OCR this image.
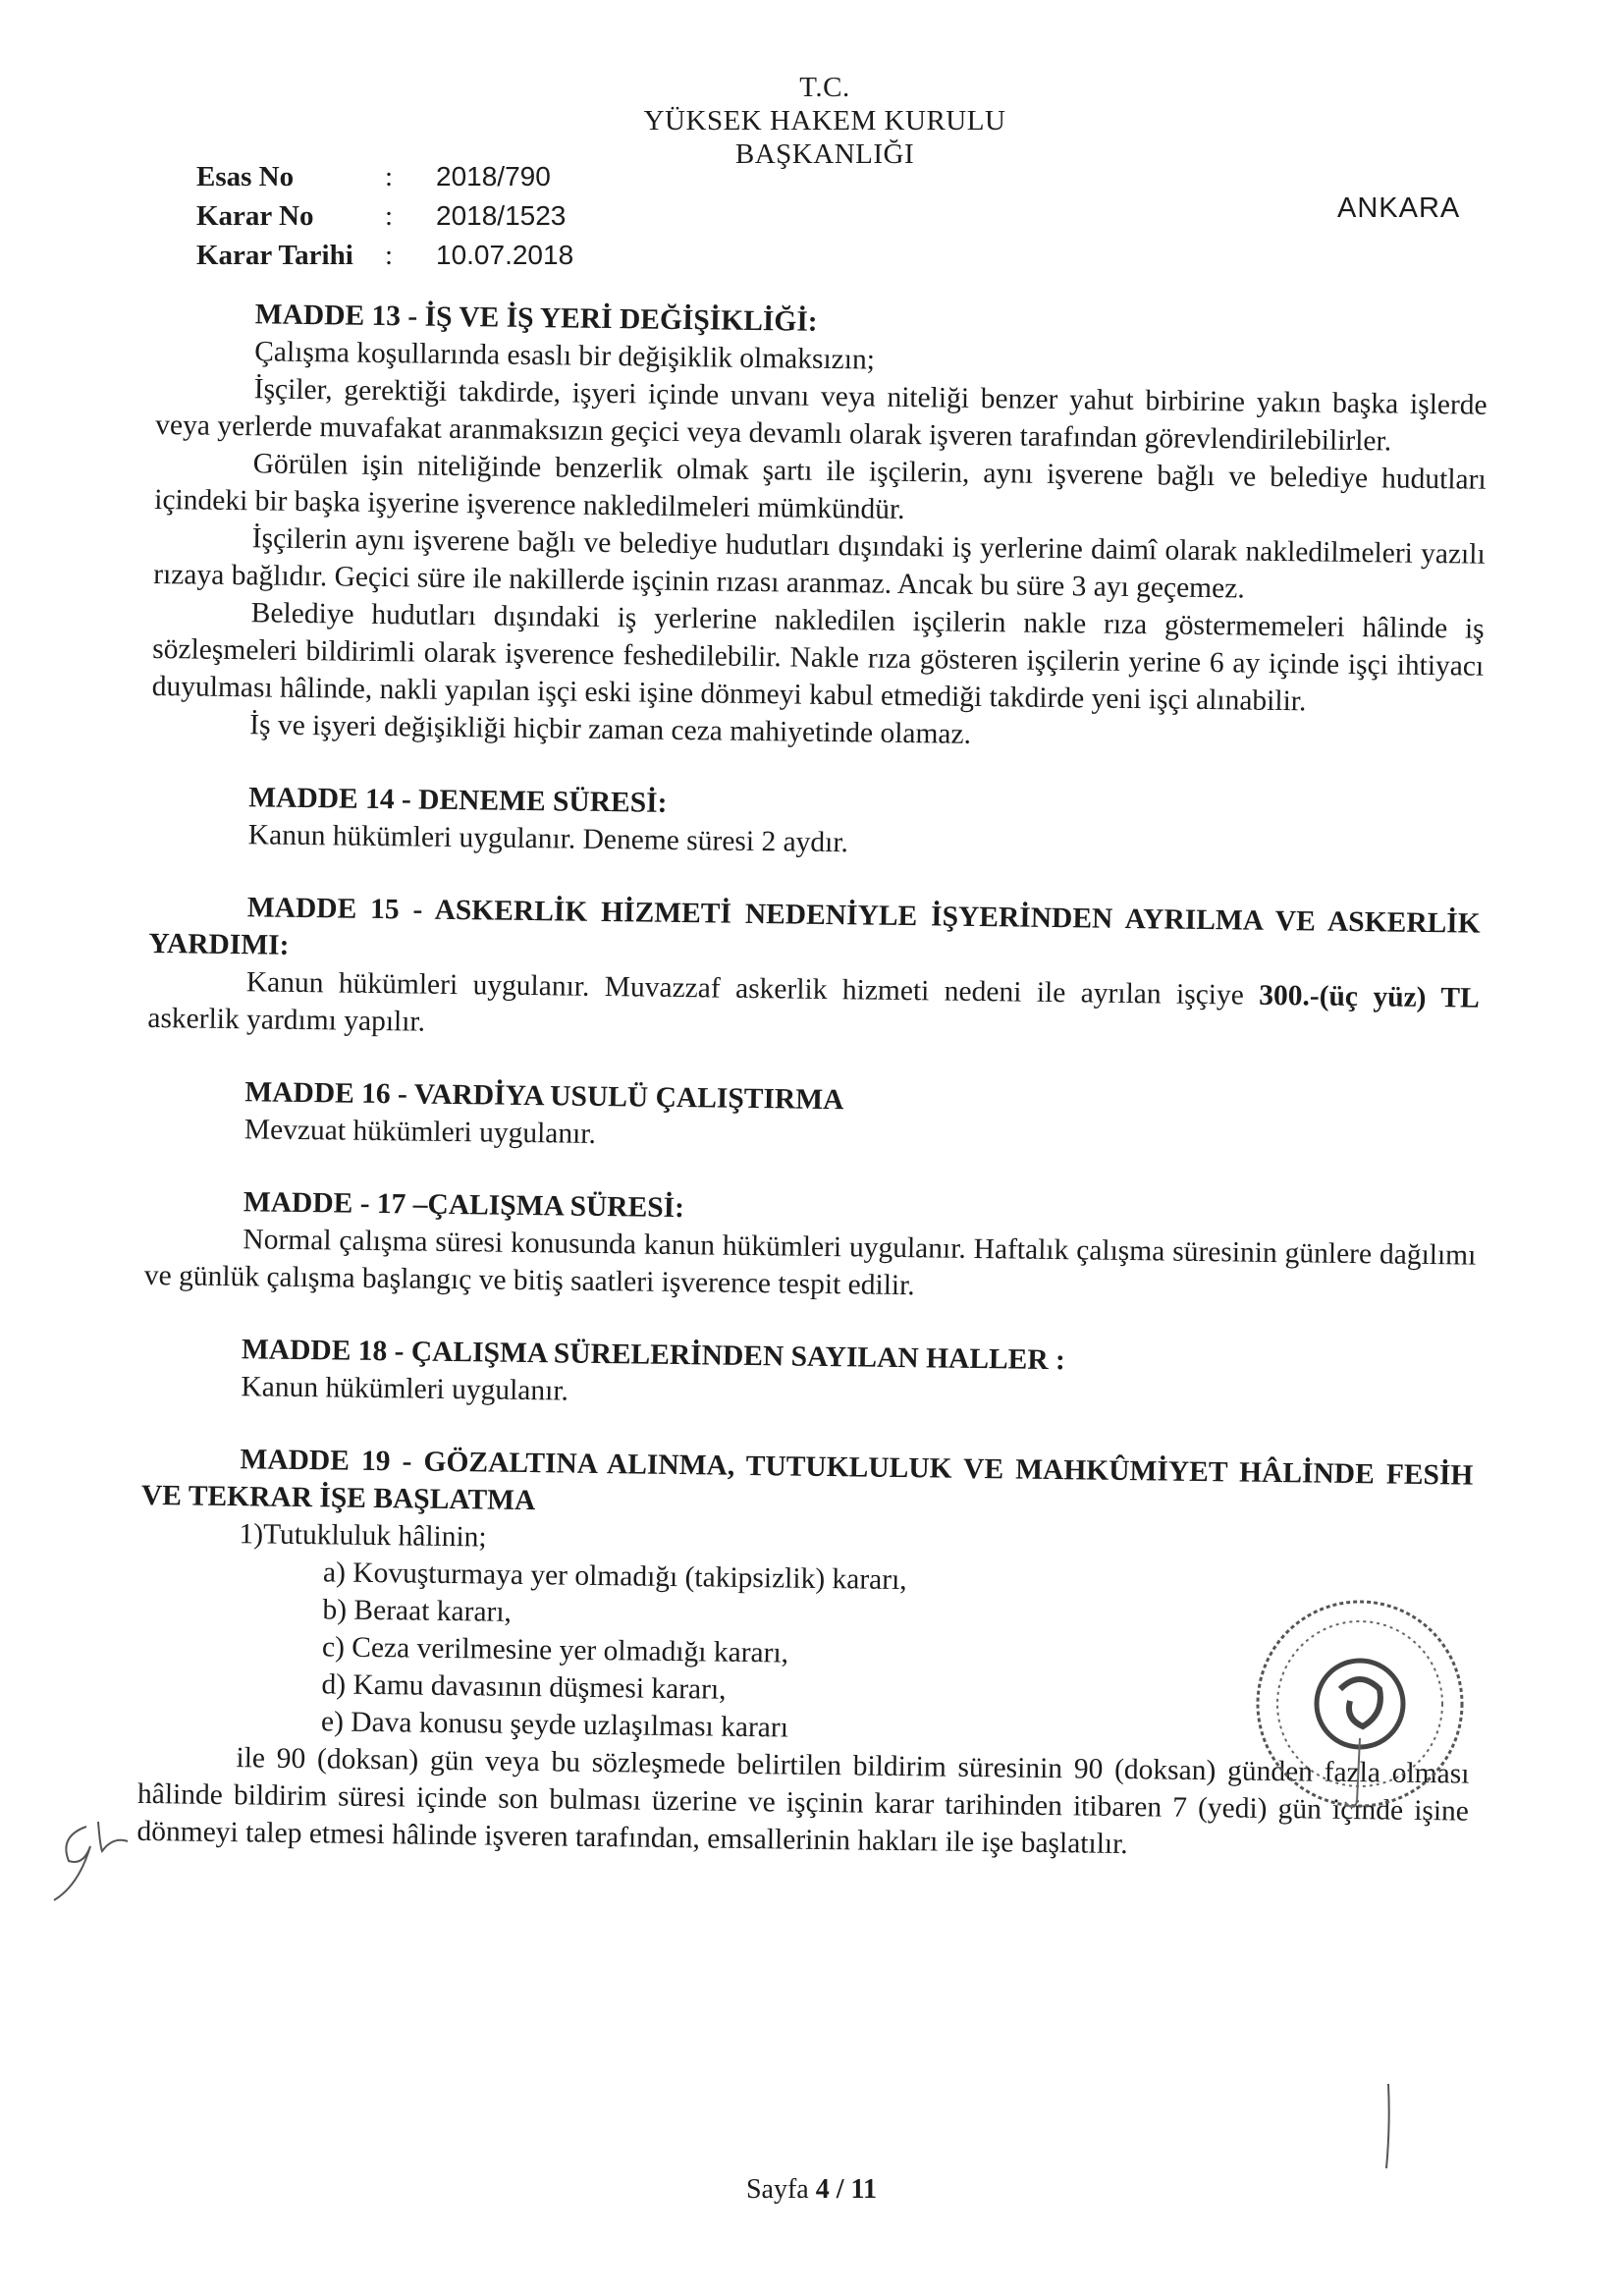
T.C.
YÜKSEK HAKEM KURULU
BAŞKANLIĞI
Esas No	:	2018/790
Karar No	:	2018/1523
Karar Tarihi	:	10.07.2018
ANKARA

MADDE 13 - İŞ VE İŞ YERİ DEĞİŞİKLİĞİ:

Çalışma koşullarında esaslı bir değişiklik olmaksızın;

İşçiler, gerektiği takdirde, işyeri içinde unvanı veya niteliği benzer yahut birbirine yakın başka işlerde veya yerlerde muvafakat aranmaksızın geçici veya devamlı olarak işveren tarafından görevlendirilebilirler.

Görülen işin niteliğinde benzerlik olmak şartı ile işçilerin, aynı işverene bağlı ve belediye hudutları içindeki bir başka işyerine işverence nakledilmeleri mümkündür.

İşçilerin aynı işverene bağlı ve belediye hudutları dışındaki iş yerlerine daimî olarak nakledilmeleri yazılı rızaya bağlıdır. Geçici süre ile nakillerde işçinin rızası aranmaz. Ancak bu süre 3 ayı geçemez.

Belediye hudutları dışındaki iş yerlerine nakledilen işçilerin nakle rıza göstermemeleri hâlinde iş sözleşmeleri bildirimli olarak işverence feshedilebilir. Nakle rıza gösteren işçilerin yerine 6 ay içinde işçi ihtiyacı duyulması hâlinde, nakli yapılan işçi eski işine dönmeyi kabul etmediği takdirde yeni işçi alınabilir.

İş ve işyeri değişikliği hiçbir zaman ceza mahiyetinde olamaz.

MADDE 14 - DENEME SÜRESİ:

Kanun hükümleri uygulanır. Deneme süresi 2 aydır.

MADDE 15 - ASKERLİK HİZMETİ NEDENİYLE İŞYERİNDEN AYRILMA VE ASKERLİK YARDIMI:

Kanun hükümleri uygulanır. Muvazzaf askerlik hizmeti nedeni ile ayrılan işçiye 300.-(üç yüz) TL askerlik yardımı yapılır.

MADDE 16 - VARDİYA USULÜ ÇALIŞTIRMA

Mevzuat hükümleri uygulanır.

MADDE - 17 –ÇALIŞMA SÜRESİ:

Normal çalışma süresi konusunda kanun hükümleri uygulanır. Haftalık çalışma süresinin günlere dağılımı ve günlük çalışma başlangıç ve bitiş saatleri işverence tespit edilir.

MADDE 18 - ÇALIŞMA SÜRELERİNDEN SAYILAN HALLER :

Kanun hükümleri uygulanır.

MADDE 19 - GÖZALTINA ALINMA, TUTUKLULUK VE MAHKÛMİYET HÂLİNDE FESİH VE TEKRAR İŞE BAŞLATMA

1)Tutukluluk hâlinin;

a) Kovuşturmaya yer olmadığı (takipsizlik) kararı,

b) Beraat kararı,

c) Ceza verilmesine yer olmadığı kararı,

d) Kamu davasının düşmesi kararı,

e) Dava konusu şeyde uzlaşılması kararı

ile 90 (doksan) gün veya bu sözleşmede belirtilen bildirim süresinin 90 (doksan) günden fazla olması hâlinde bildirim süresi içinde son bulması üzerine ve işçinin karar tarihinden itibaren 7 (yedi) gün içinde işine dönmeyi talep etmesi hâlinde işveren tarafından, emsallerinin hakları ile işe başlatılır.

Sayfa 4 / 11
